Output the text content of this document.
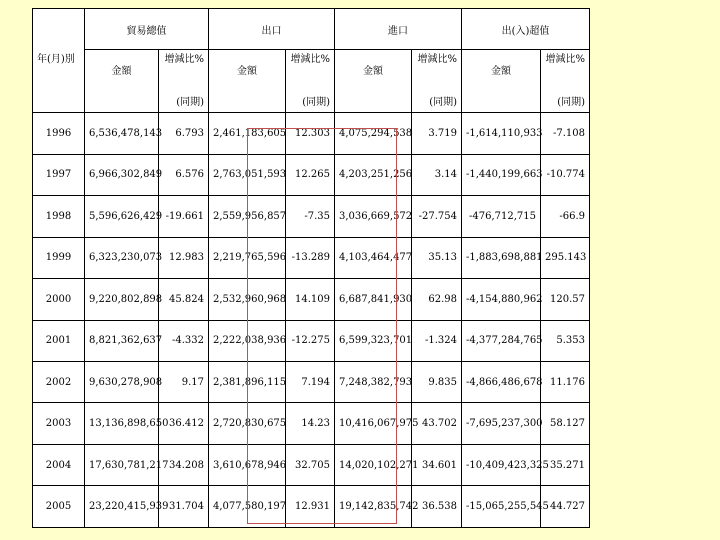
	貿易總值		出口		進口		出(入)超值	
年(月)別	金額	增減比%	金額	增減比%	金額	增減比%	金額	增減比%

		(同期)		(同期)		(同期)		(同期)
1996	6,536,478,143	6.793	2,461,183,605	12.303	4,075,294,538	3.719	-1,614,110,933	-7.108
1997	6,966,302,849	6.576	2,763,051,593	12.265	4,203,251,256	3.14	-1,440,199,663	-10.774
1998	5,596,626,429	-19.661	2,559,956,857	-7.35	3,036,669,572	-27.754	-476,712,715	-66.9
1999	6,323,230,073	12.983	2,219,765,596	-13.289	4,103,464,477	35.13	-1,883,698,881	295.143
2000	9,220,802,898	45.824	2,532,960,968	14.109	6,687,841,930	62.98	-4,154,880,962	120.57
2001	8,821,362,637	-4.332	2,222,038,936	-12.275	6,599,323,701	-1.324	-4,377,284,765	5.353
2002	9,630,278,908	9.17	2,381,896,115	7.194	7,248,382,793	9.835	-4,866,486,678	11.176
2003	13,136,898,650	36.412	2,720,830,675	14.23	10,416,067,975	43.702	-7,695,237,300	58.127
2004	17,630,781,217	34.208	3,610,678,946	32.705	14,020,102,271	34.601	-10,409,423,325	35.271
2005	23,220,415,939	31.704	4,077,580,197	12.931	19,142,835,742	36.538	-15,065,255,545	44.727
